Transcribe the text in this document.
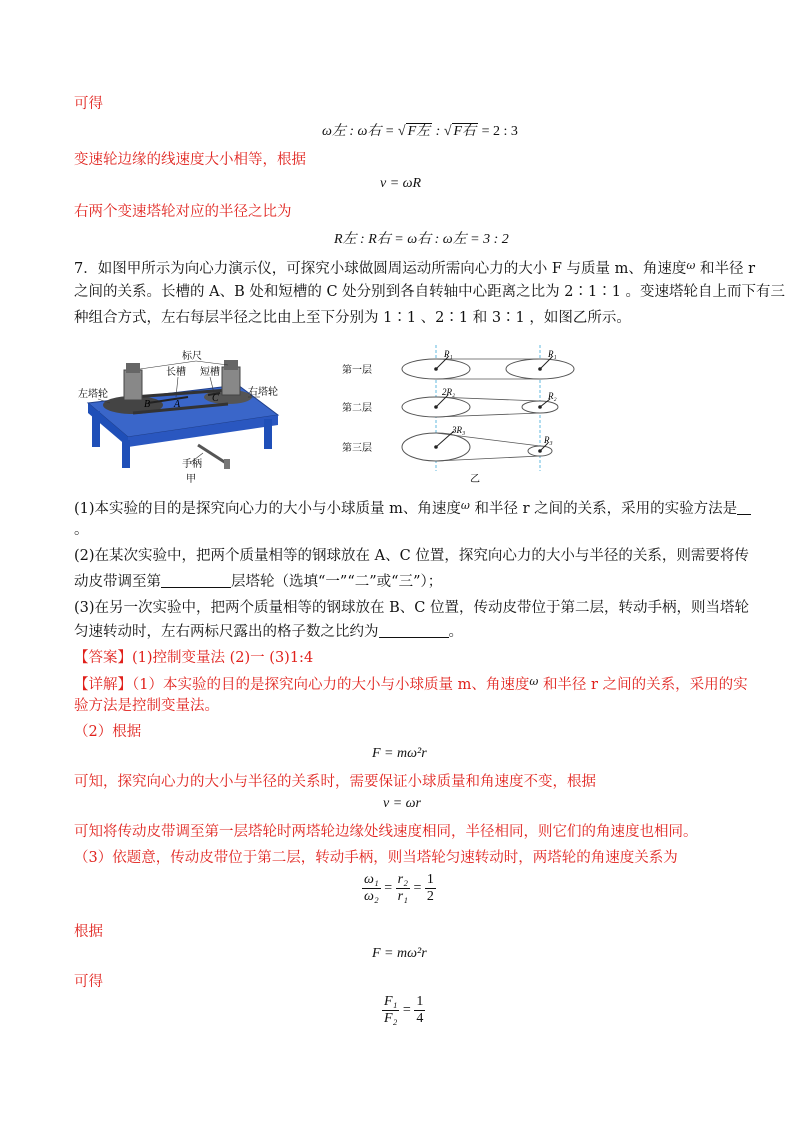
可得
ω左 : ω右 = √ F左 : √ F右 = 2 : 3
变速轮边缘的线速度大小相等，根据
v = ωR
右两个变速塔轮对应的半径之比为
R左 : R右 = ω右 : ω左 = 3 : 2
7．如图甲所示为向心力演示仪，可探究小球做圆周运动所需向心力的大小 F 与质量 m、角速度$^\omega$ 和半径 r
之间的关系。长槽的 A、B 处和短槽的 C 处分别到各自转轴中心距离之比为 2∶1∶1 。变速塔轮自上而下有三
种组合方式，左右每层半径之比由上至下分别为 1∶1 、2∶1 和 3∶1 ，如图乙所示。
标尺
长槽 短槽
左塔轮	右塔轮
B A
C
手柄
甲
第一层
第二层
第三层
R₁	R₁
2R₂	R₂
3R₃
R₃
乙
(1)本实验的目的是探究向心力的大小与小球质量 m、角速度$^\omega$ 和半径 r 之间的关系，采用的实验方法是
。
(2)在某次实验中，把两个质量相等的钢球放在 A、C 位置，探究向心力的大小与半径的关系，则需要将传
动皮带调至第	层塔轮（选填“一”“二”或“三”）；
(3)在另一次实验中，把两个质量相等的钢球放在 B、C 位置，传动皮带位于第二层，转动手柄，则当塔轮
匀速转动时，左右两标尺露出的格子数之比约为	。
【答案】(1)控制变量法 (2)一 (3)1:4
【详解】（1）本实验的目的是探究向心力的大小与小球质量 m、角速度$^\omega$ 和半径 r 之间的关系，采用的实
验方法是控制变量法。
（2）根据
F = mω²r
可知，探究向心力的大小与半径的关系时，需要保证小球质量和角速度不变，根据
v = ωr
可知将传动皮带调至第一层塔轮时两塔轮边缘处线速度相同，半径相同，则它们的角速度也相同。
（3）依题意，传动皮带位于第二层，转动手柄，则当塔轮匀速转动时，两塔轮的角速度关系为
$\frac{\text{ω₁}}{\text{ω₂}} = \frac{\text{r₂}}{\text{r₁}} = \frac{1}{2}$
根据
F = mω²r
可得
$\frac{\text{F₁}}{\text{F₂}} = \frac{1}{4}$
